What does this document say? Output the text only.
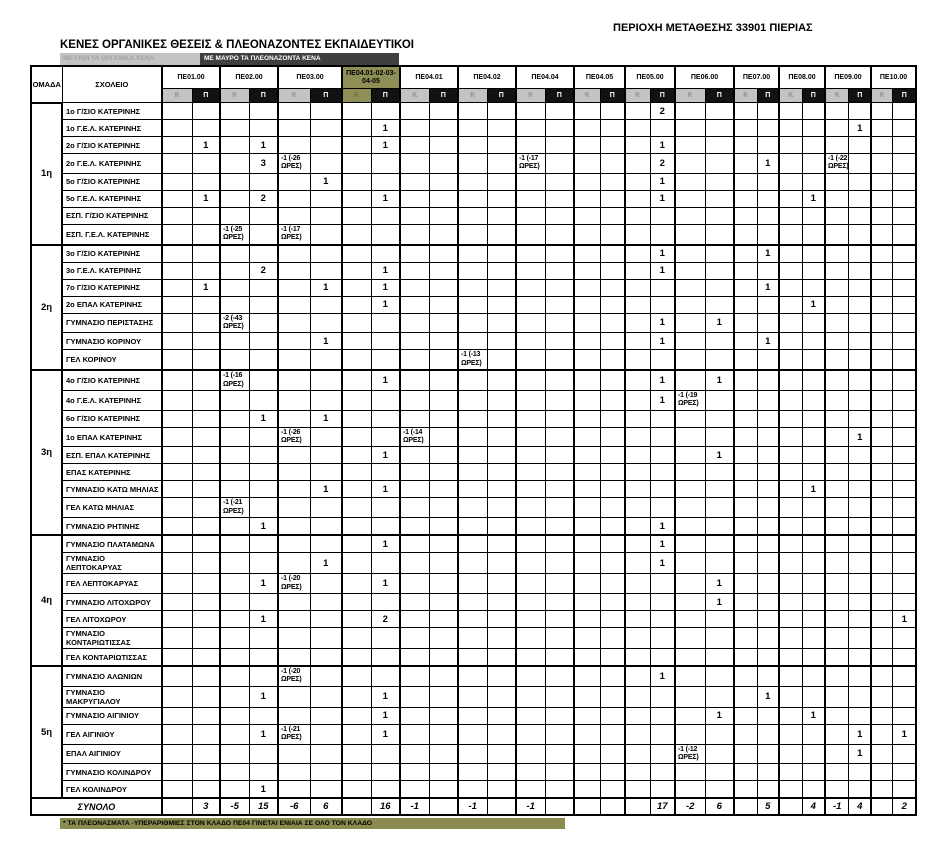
ΠΕΡΙΟΧΗ ΜΕΤΑΘΕΣΗΣ 33901 ΠΙΕΡΙΑΣ
ΚΕΝΕΣ ΟΡΓΑΝΙΚΕΣ ΘΕΣΕΙΣ & ΠΛΕΟΝΑΖΟΝΤΕΣ ΕΚΠΑΙΔΕΥΤΙΚΟΙ
ΜΕ ΓΚΡΙ ΤΑ ΟΡΓΑΝΙΚΑ ΚΕΝΑ	ΜΕ ΜΑΥΡΟ ΤΑ ΠΛΕΟΝΑΖΟΝΤΑ ΚΕΝΑ
ΟΜΑΔΑ	ΣΧΟΛΕΙΟ	ΠΕ01.00		ΠΕ02.00		ΠΕ03.00		ΠΕ04.01-02-03-04-05		ΠΕ04.01		ΠΕ04.02		ΠΕ04.04		ΠΕ04.05		ΠΕ05.00		ΠΕ06.00		ΠΕ07.00		ΠΕ08.00		ΠΕ09.00		ΠΕ10.00	
		Κ	Π	Κ	Π	Κ	Π	Κ	Π	Κ	Π	Κ	Π	Κ	Π	Κ	Π	Κ	Π	Κ	Π	Κ	Π	Κ	Π	Κ	Π	Κ	Π
1η	1ο Γ/ΣΙΟ ΚΑΤΕΡΙΝΗΣ																		2										
	1ο Γ.Ε.Λ. ΚΑΤΕΡΙΝΗΣ								1																		1		
	2ο Γ/ΣΙΟ ΚΑΤΕΡΙΝΗΣ		1		1				1										1										
	2ο Γ.Ε.Λ. ΚΑΤΕΡΙΝΗΣ				3	-1 (-26 ΩΡΕΣ)								-1 (-17 ΩΡΕΣ)					2				1			-1 (-22 ΩΡΕΣ)			
	5ο Γ/ΣΙΟ ΚΑΤΕΡΙΝΗΣ						1												1										
	5ο Γ.Ε.Λ. ΚΑΤΕΡΙΝΗΣ		1		2				1										1						1				
	ΕΣΠ. Γ/ΣΙΟ ΚΑΤΕΡΙΝΗΣ																												
	ΕΣΠ. Γ.Ε.Λ. ΚΑΤΕΡΙΝΗΣ			-1 (-25 ΩΡΕΣ)		-1 (-17 ΩΡΕΣ)																							
2η	3ο Γ/ΣΙΟ ΚΑΤΕΡΙΝΗΣ																		1				1						
	3ο Γ.Ε.Λ. ΚΑΤΕΡΙΝΗΣ				2				1										1										
	7ο Γ/ΣΙΟ ΚΑΤΕΡΙΝΗΣ		1				1		1														1						
	2ο ΕΠΑΛ ΚΑΤΕΡΙΝΗΣ								1																1				
	ΓΥΜΝΑΣΙΟ ΠΕΡΙΣΤΑΣΗΣ			-2 (-43 ΩΡΕΣ)															1		1								
	ΓΥΜΝΑΣΙΟ ΚΟΡΙΝΟΥ						1												1				1						
	ΓΕΛ ΚΟΡΙΝΟΥ											-1 (-13 ΩΡΕΣ)																	
3η	4ο Γ/ΣΙΟ ΚΑΤΕΡΙΝΗΣ			-1 (-16 ΩΡΕΣ)					1										1		1								
	4ο Γ.Ε.Λ. ΚΑΤΕΡΙΝΗΣ																		1	-1 (-19 ΩΡΕΣ)									
	6ο Γ/ΣΙΟ ΚΑΤΕΡΙΝΗΣ				1		1																						
	1ο ΕΠΑΛ ΚΑΤΕΡΙΝΗΣ					-1 (-26 ΩΡΕΣ)				-1 (-14 ΩΡΕΣ)																	1		
	ΕΣΠ. ΕΠΑΛ ΚΑΤΕΡΙΝΗΣ								1												1								
	ΕΠΑΣ ΚΑΤΕΡΙΝΗΣ																												
	ΓΥΜΝΑΣΙΟ ΚΑΤΩ ΜΗΛΙΑΣ						1		1																1				
	ΓΕΛ ΚΑΤΩ ΜΗΛΙΑΣ			-1 (-21 ΩΡΕΣ)																									
	ΓΥΜΝΑΣΙΟ ΡΗΤΙΝΗΣ				1														1										
4η	ΓΥΜΝΑΣΙΟ ΠΛΑΤΑΜΩΝΑ								1										1										
	ΓΥΜΝΑΣΙΟ ΛΕΠΤΟΚΑΡΥΑΣ						1												1										
	ΓΕΛ ΛΕΠΤΟΚΑΡΥΑΣ				1	-1 (-20 ΩΡΕΣ)			1												1								
	ΓΥΜΝΑΣΙΟ ΛΙΤΟΧΩΡΟΥ																				1								
	ΓΕΛ ΛΙΤΟΧΩΡΟΥ				1				2																				1
	ΓΥΜΝΑΣΙΟ ΚΟΝΤΑΡΙΩΤΙΣΣΑΣ																												
	ΓΕΛ ΚΟΝΤΑΡΙΩΤΙΣΣΑΣ																												
5η	ΓΥΜΝΑΣΙΟ ΑΛΩΝΙΩΝ					-1 (-20 ΩΡΕΣ)													1										
	ΓΥΜΝΑΣΙΟ ΜΑΚΡΥΓΙΑΛΟΥ				1				1														1						
	ΓΥΜΝΑΣΙΟ ΑΙΓΙΝΙΟΥ								1												1				1				
	ΓΕΛ ΑΙΓΙΝΙΟΥ				1	-1 (-21 ΩΡΕΣ)			1																		1		1
	ΕΠΑΛ ΑΙΓΙΝΙΟΥ																			-1 (-12 ΩΡΕΣ)							1		
	ΓΥΜΝΑΣΙΟ ΚΟΛΙΝΔΡΟΥ																												
	ΓΕΛ ΚΟΛΙΝΔΡΟΥ				1																								
ΣΥΝΟΛΟ			3	-5	15	-6	6		16	-1		-1		-1					17	-2	6		5		4	-1	4		2
* ΤΑ ΠΛΕΟΝΑΣΜΑΤΑ -ΥΠΕΡΑΡΙΘΜΙΕΣ ΣΤΟΝ ΚΛΑΔΟ ΠΕ04 ΓΙΝΕΤΑΙ ΕΝΙΑΙΑ ΣΕ ΟΛΟ ΤΟΝ ΚΛΑΔΟ
